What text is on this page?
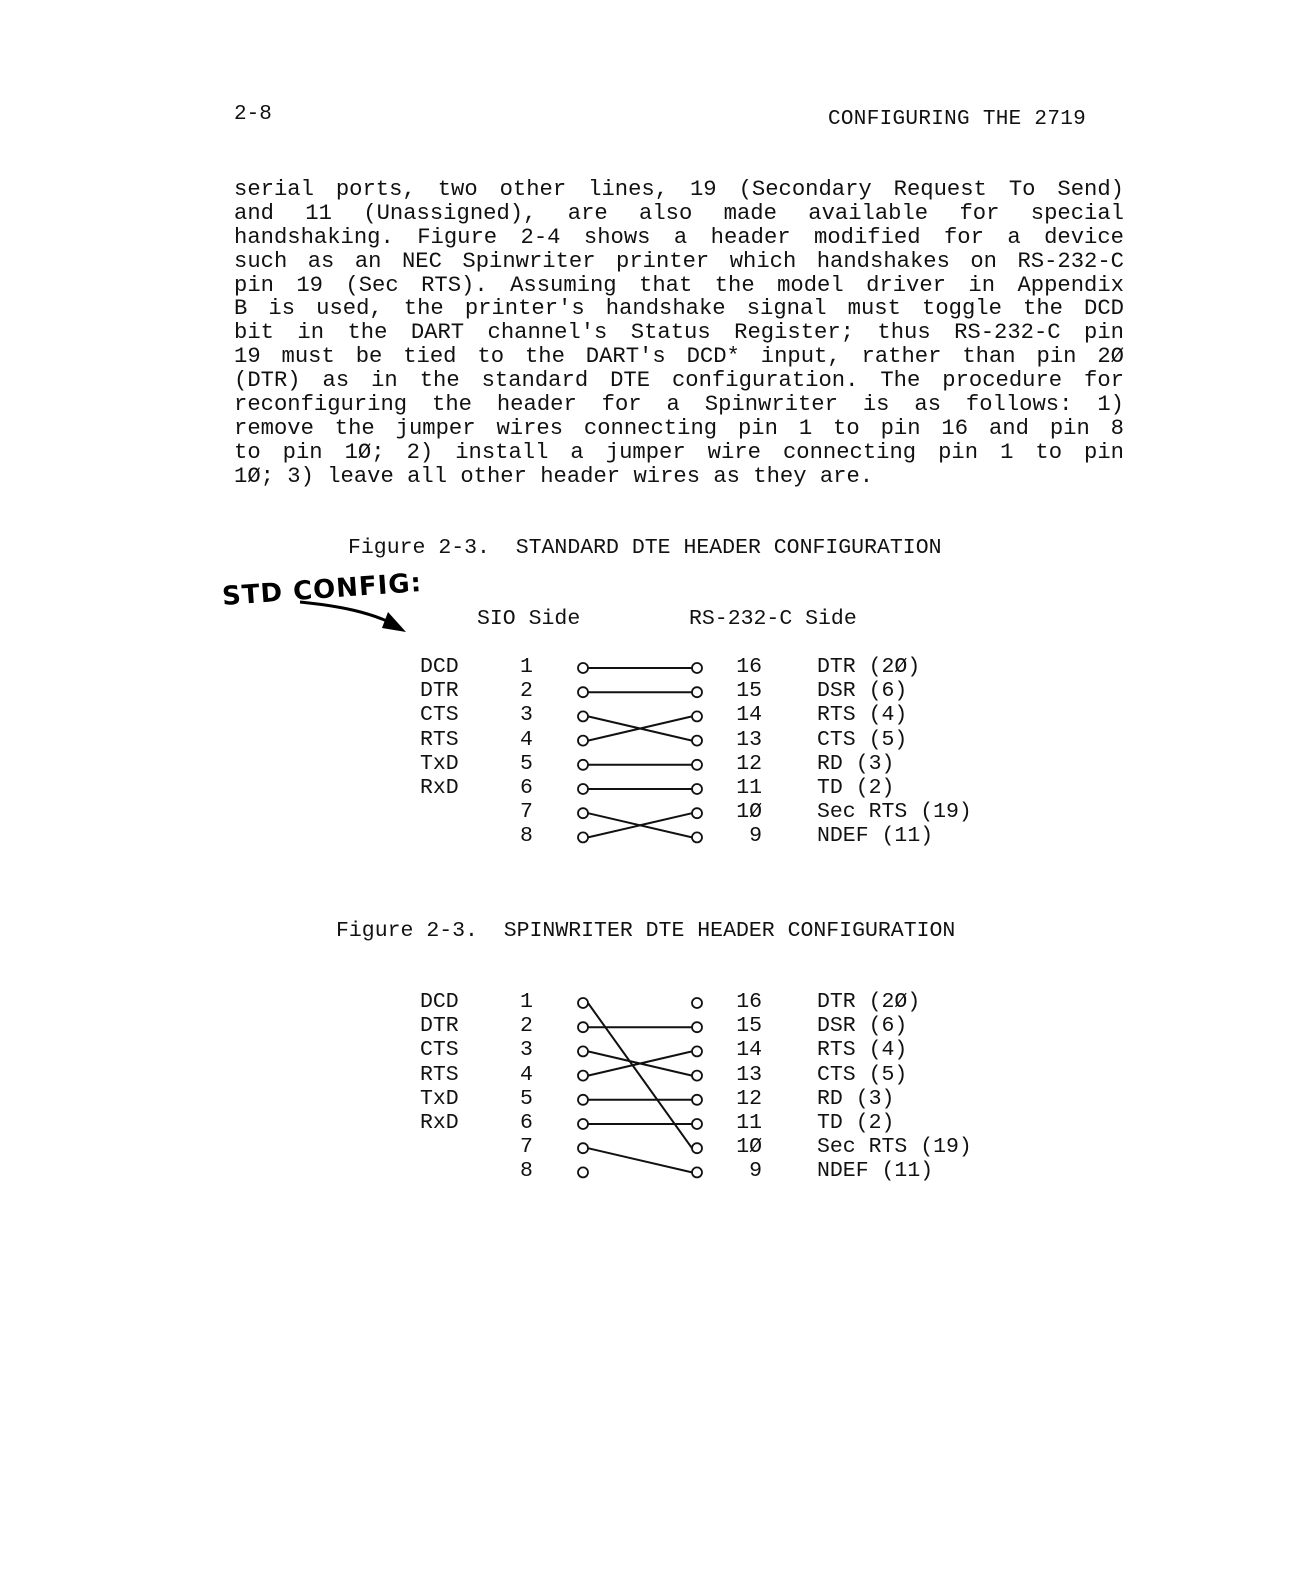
2-8	CONFIGURING THE 2719
serial ports, two other lines, 19 (Secondary Request To Send)
and 11 (Unassigned), are also made available for special
handshaking. Figure 2-4 shows a header modified for a device
such as an NEC Spinwriter printer which handshakes on RS-232-C
pin 19 (Sec RTS). Assuming that the model driver in Appendix
B is used, the printer's handshake signal must toggle the DCD
bit in the DART channel's Status Register; thus RS-232-C pin
19 must be tied to the DART's DCD* input, rather than pin 2Ø
(DTR) as in the standard DTE configuration. The procedure for
reconfiguring the header for a Spinwriter is as follows: 1)
remove the jumper wires connecting pin 1 to pin 16 and pin 8
to pin 1Ø; 2) install a jumper wire connecting pin 1 to pin
1Ø; 3) leave all other header wires as they are.
Figure 2-3.  STANDARD DTE HEADER CONFIGURATION
STD CONFIG:
SIO Side	RS-232-C Side
DCD	1	16	DTR (2Ø)
DTR	2	15	DSR (6)
CTS	3	14	RTS (4)
RTS	4	13	CTS (5)
TxD	5	12	RD (3)
RxD	6	11	TD (2)
7	1Ø	Sec RTS (19)
8	9	NDEF (11)
Figure 2-3.  SPINWRITER DTE HEADER CONFIGURATION
DCD	1	16	DTR (2Ø)
DTR	2	15	DSR (6)
CTS	3	14	RTS (4)
RTS	4	13	CTS (5)
TxD	5	12	RD (3)
RxD	6	11	TD (2)
7	1Ø	Sec RTS (19)
8	9	NDEF (11)
